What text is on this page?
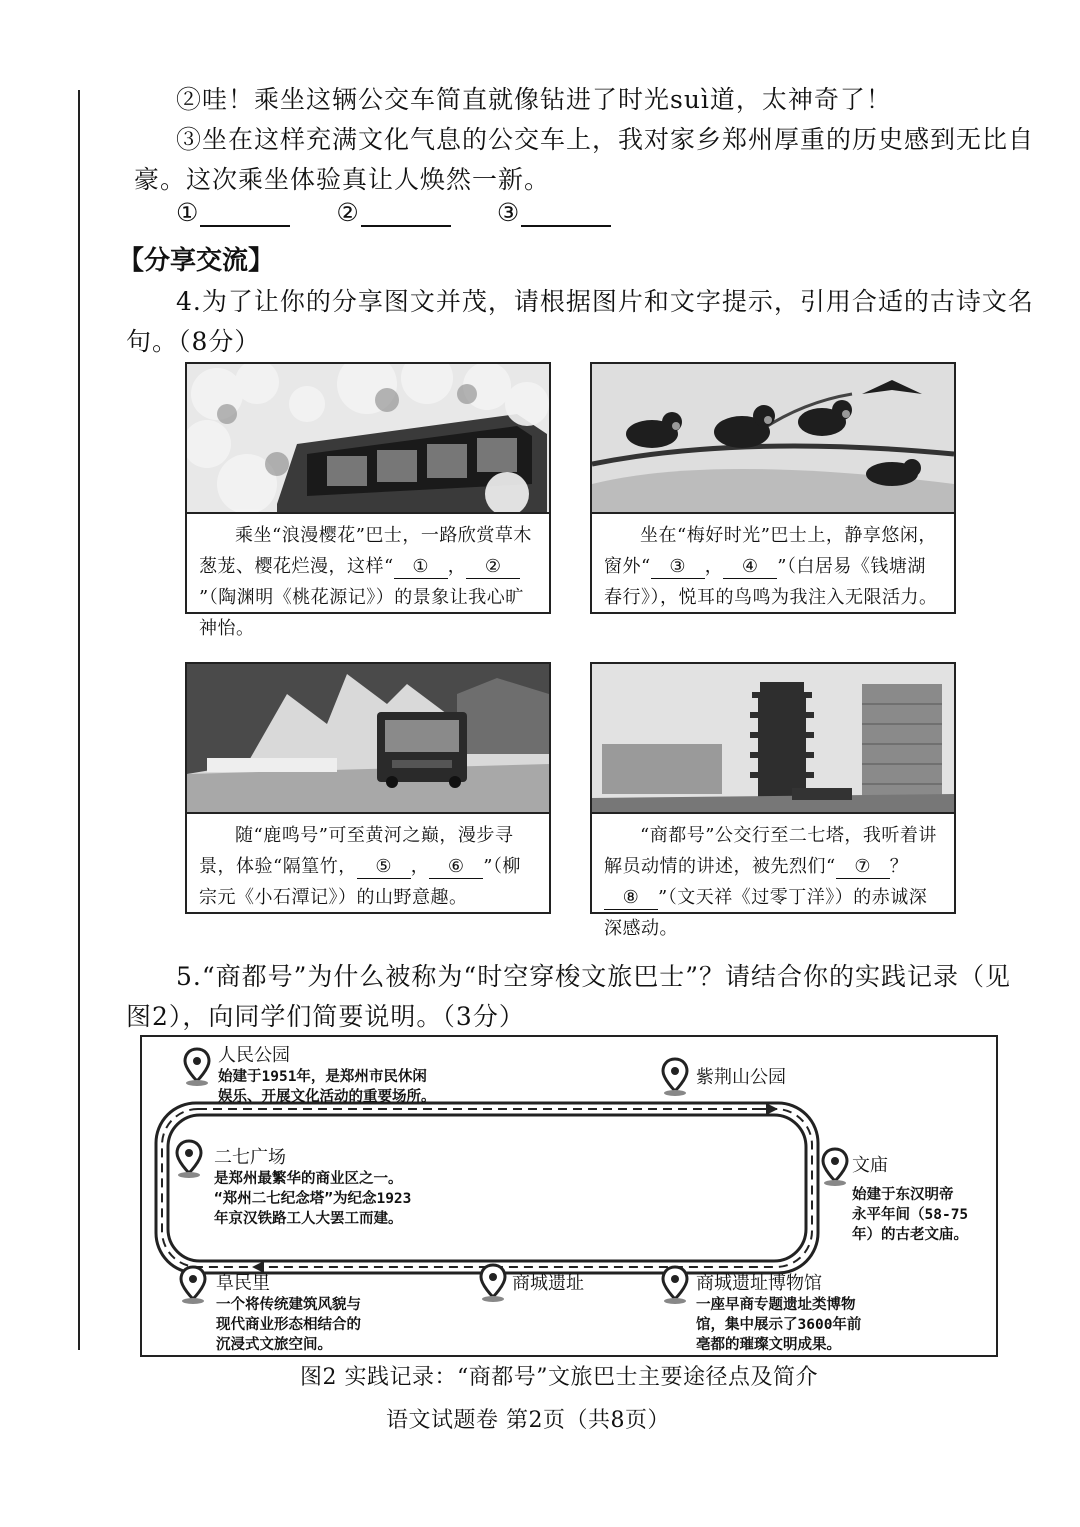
②哇！乘坐这辆公交车简直就像钻进了时光suì道，太神奇了！
③坐在这样充满文化气息的公交车上，我对家乡郑州厚重的历史感到无比自
豪。这次乘坐体验真让人焕然一新。
①	②	③
【分享交流】
4.为了让你的分享图文并茂，请根据图片和文字提示，引用合适的古诗文名
句。（8分）
乘坐“浪漫樱花”巴士，一路欣赏草木葱茏、樱花烂漫，这样“ ① ， ②”（陶渊明《桃花源记》）的景象让我心旷神怡。
坐在“梅好时光”巴士上，静享悠闲，窗外“ ③ ， ④ ”（白居易《钱塘湖春行》），悦耳的鸟鸣为我注入无限活力。
随“鹿鸣号”可至黄河之巅，漫步寻景，体验“隔篁竹， ⑤ ， ⑥ ”（柳宗元《小石潭记》）的山野意趣。
“商都号”公交行至二七塔，我听着讲解员动情的讲述，被先烈们“ ⑦ ？⑧ ”（文天祥《过零丁洋》）的赤诚深深感动。
5.“商都号”为什么被称为“时空穿梭文旅巴士”？请结合你的实践记录（见
图2），向同学们简要说明。（3分）
人民公园
始建于1951年，是郑州市民休闲
娱乐、开展文化活动的重要场所。
紫荆山公园
文庙
始建于东汉明帝
永平年间（58-75
年）的古老文庙。
二七广场
是郑州最繁华的商业区之一。
“郑州二七纪念塔”为纪念1923
年京汉铁路工人大罢工而建。
阜民里
一个将传统建筑风貌与
现代商业形态相结合的
沉浸式文旅空间。
商城遗址	商城遗址博物馆
一座早商专题遗址类博物
馆，集中展示了3600年前
亳都的璀璨文明成果。
图2 实践记录：“商都号”文旅巴士主要途径点及简介
语文试题卷 第2页（共8页）
